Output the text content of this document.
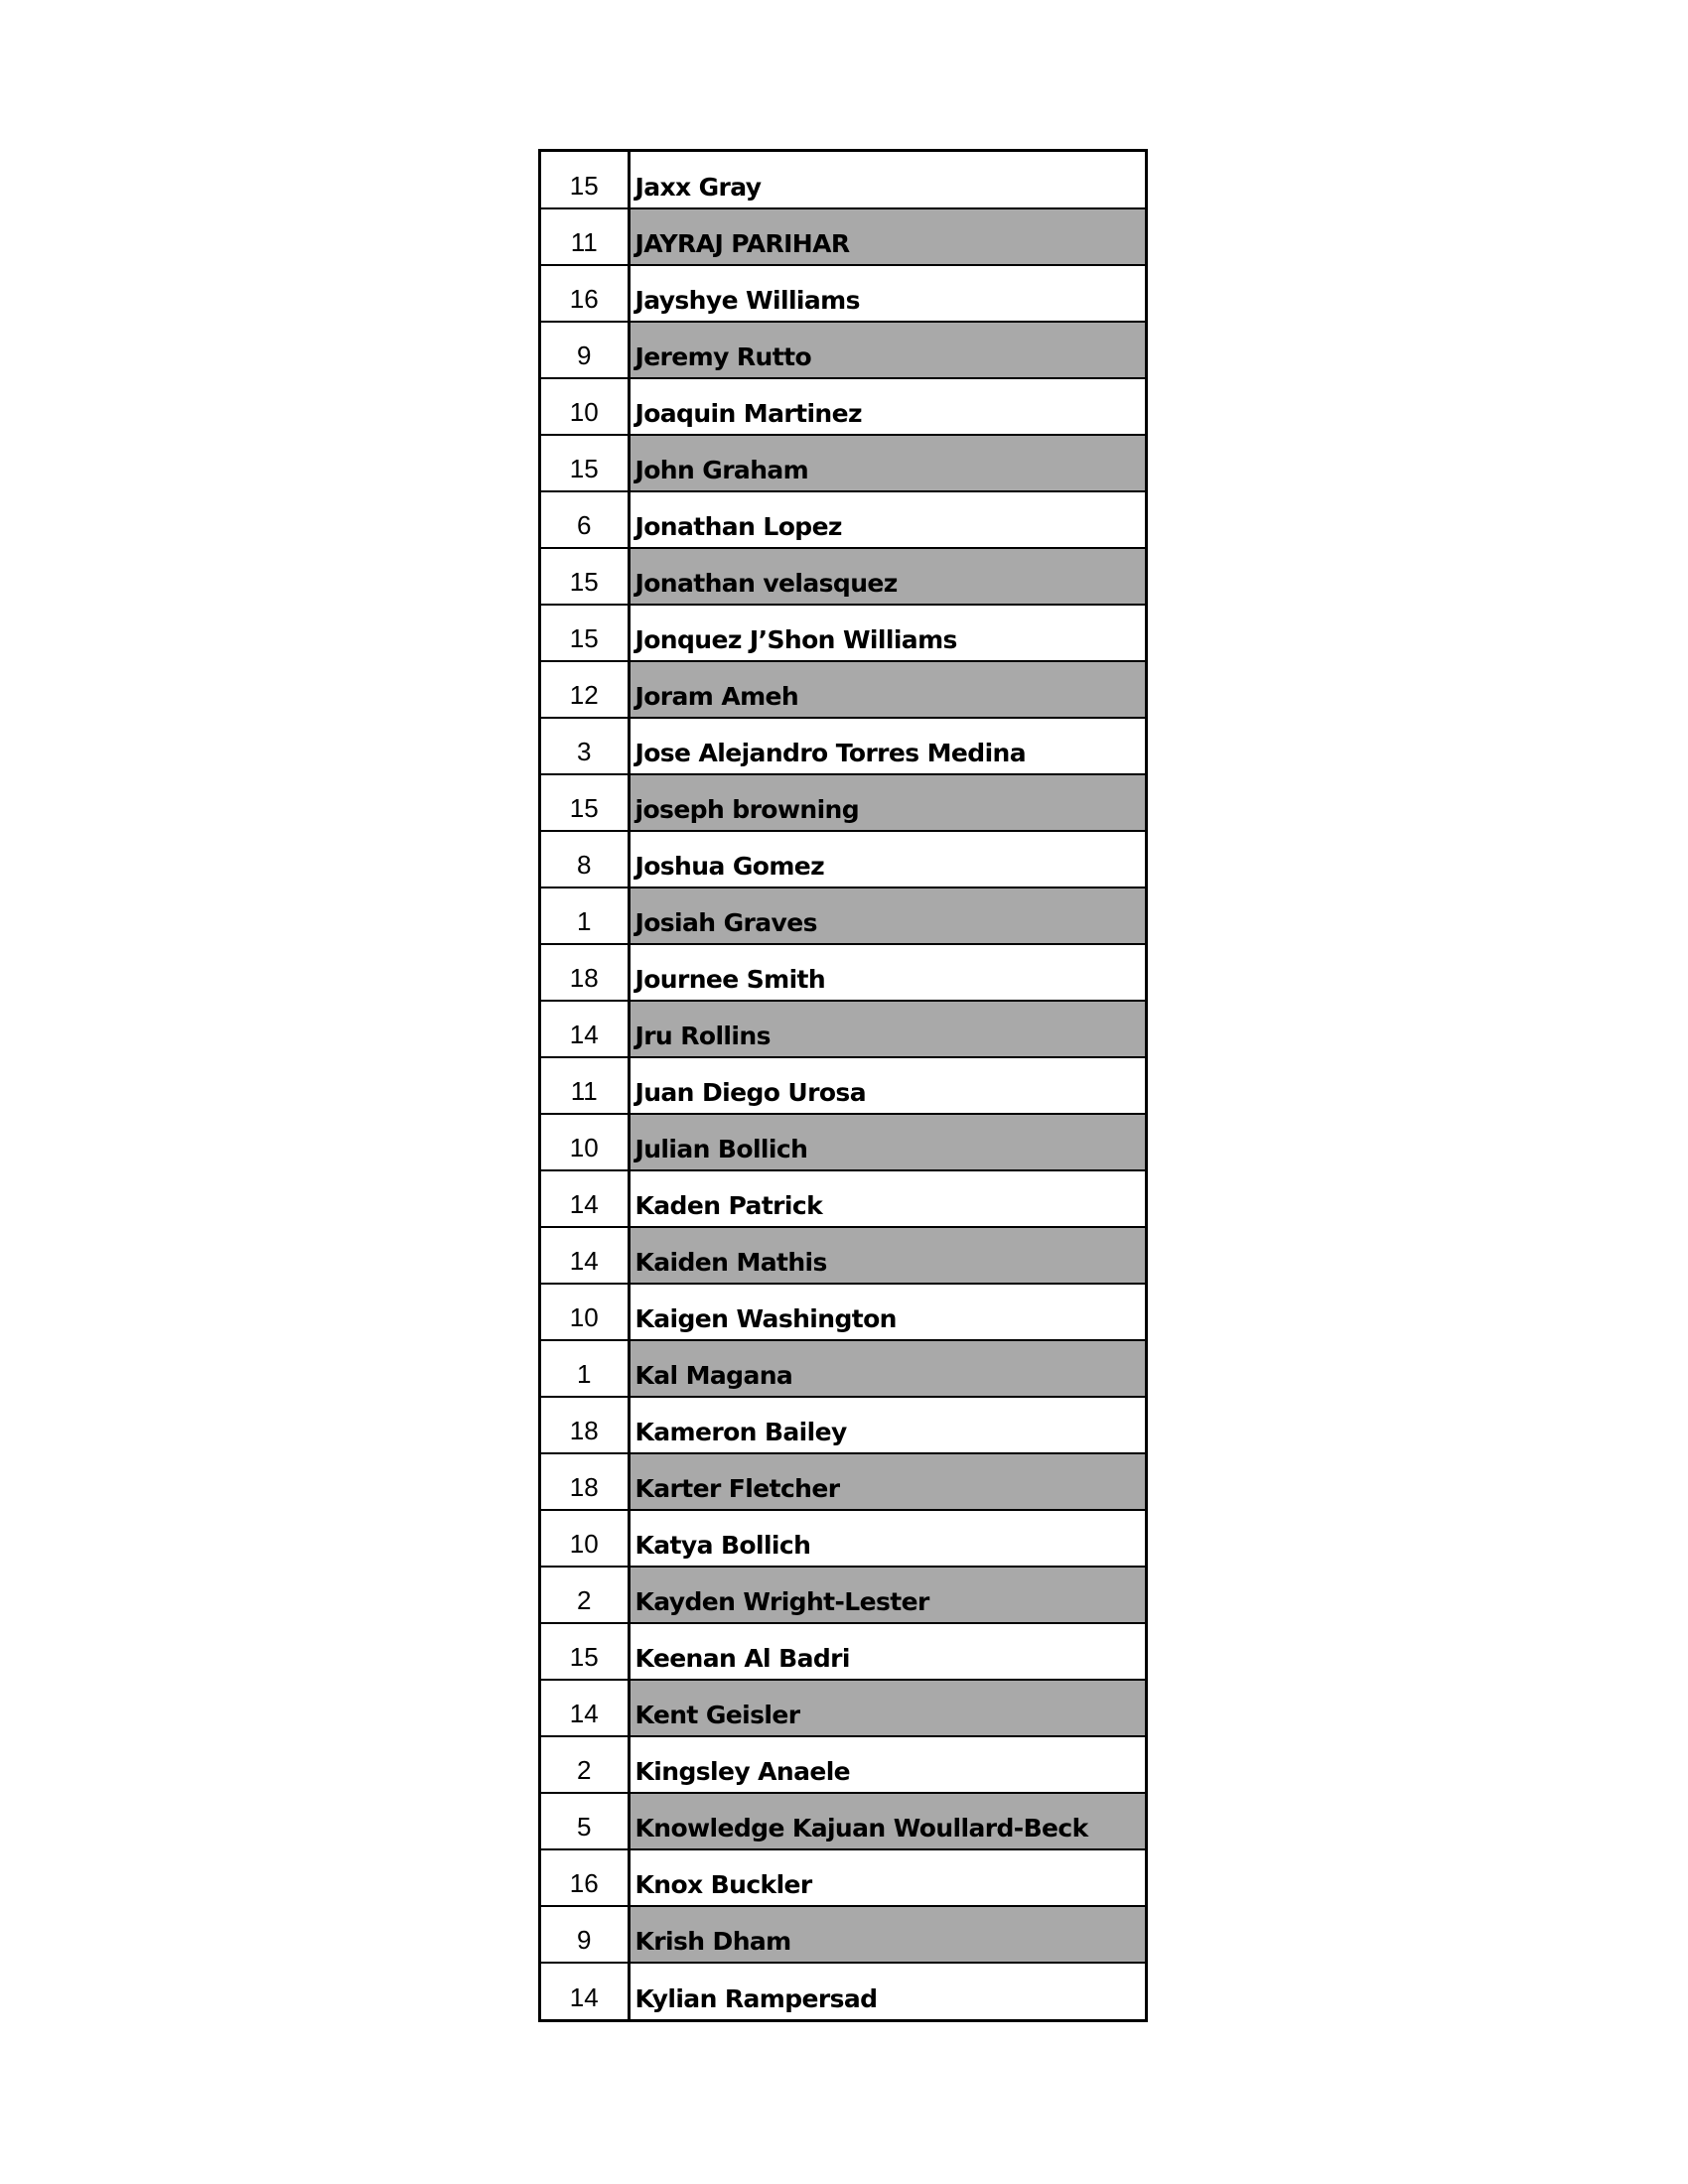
15	Jaxx Gray
11	JAYRAJ PARIHAR
16	Jayshye Williams
9	Jeremy Rutto
10	Joaquin Martinez
15	John Graham
6	Jonathan Lopez
15	Jonathan velasquez
15	Jonquez J’Shon Williams
12	Joram Ameh
3	Jose Alejandro Torres Medina
15	joseph browning
8	Joshua Gomez
1	Josiah Graves
18	Journee Smith
14	Jru Rollins
11	Juan Diego Urosa
10	Julian Bollich
14	Kaden Patrick
14	Kaiden Mathis
10	Kaigen Washington
1	Kal Magana
18	Kameron Bailey
18	Karter Fletcher
10	Katya Bollich
2	Kayden Wright-Lester
15	Keenan Al Badri
14	Kent Geisler
2	Kingsley Anaele
5	Knowledge Kajuan Woullard-Beck
16	Knox Buckler
9	Krish Dham
14	Kylian Rampersad
